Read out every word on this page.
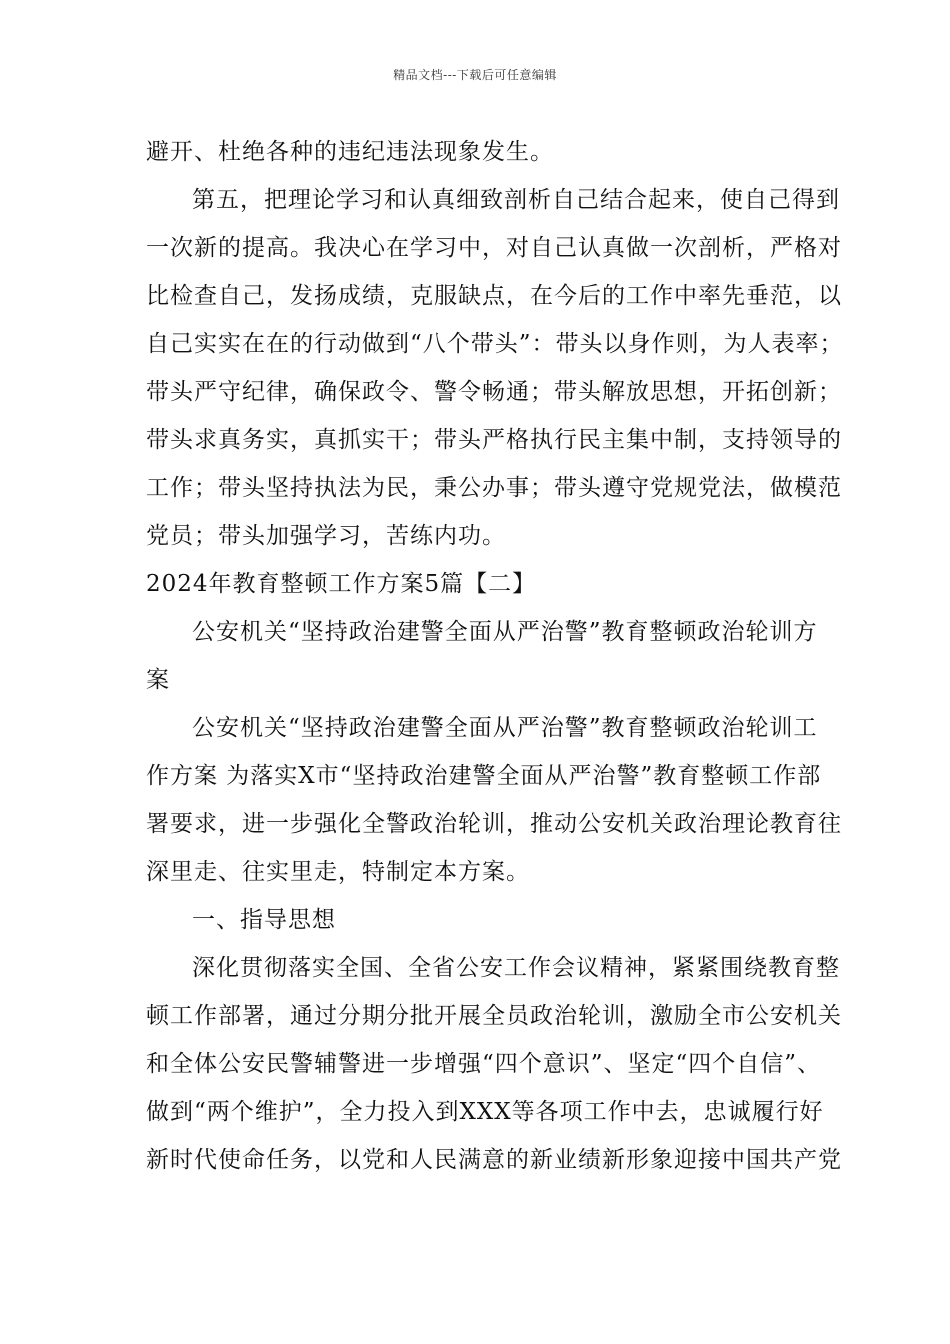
精品文档---下载后可任意编辑
避开、杜绝各种的违纪违法现象发生。
第五，把理论学习和认真细致剖析自己结合起来，使自己得到
一次新的提高。我决心在学习中，对自己认真做一次剖析，严格对
比检查自己，发扬成绩，克服缺点，在今后的工作中率先垂范，以
自己实实在在的行动做到“八个带头”：带头以身作则，为人表率；
带头严守纪律，确保政令、警令畅通；带头解放思想，开拓创新；
带头求真务实，真抓实干；带头严格执行民主集中制，支持领导的
工作；带头坚持执法为民，秉公办事；带头遵守党规党法，做模范
党员；带头加强学习，苦练内功。
2024年教育整顿工作方案5篇【二】
公安机关“坚持政治建警全面从严治警”教育整顿政治轮训方
案
公安机关“坚持政治建警全面从严治警”教育整顿政治轮训工
作方案 为落实X市“坚持政治建警全面从严治警”教育整顿工作部
署要求，进一步强化全警政治轮训，推动公安机关政治理论教育往
深里走、往实里走，特制定本方案。
一、指导思想
深化贯彻落实全国、全省公安工作会议精神，紧紧围绕教育整
顿工作部署，通过分期分批开展全员政治轮训，激励全市公安机关
和全体公安民警辅警进一步增强“四个意识”、坚定“四个自信”、
做到“两个维护”，全力投入到XXX等各项工作中去，忠诚履行好
新时代使命任务，以党和人民满意的新业绩新形象迎接中国共产党
